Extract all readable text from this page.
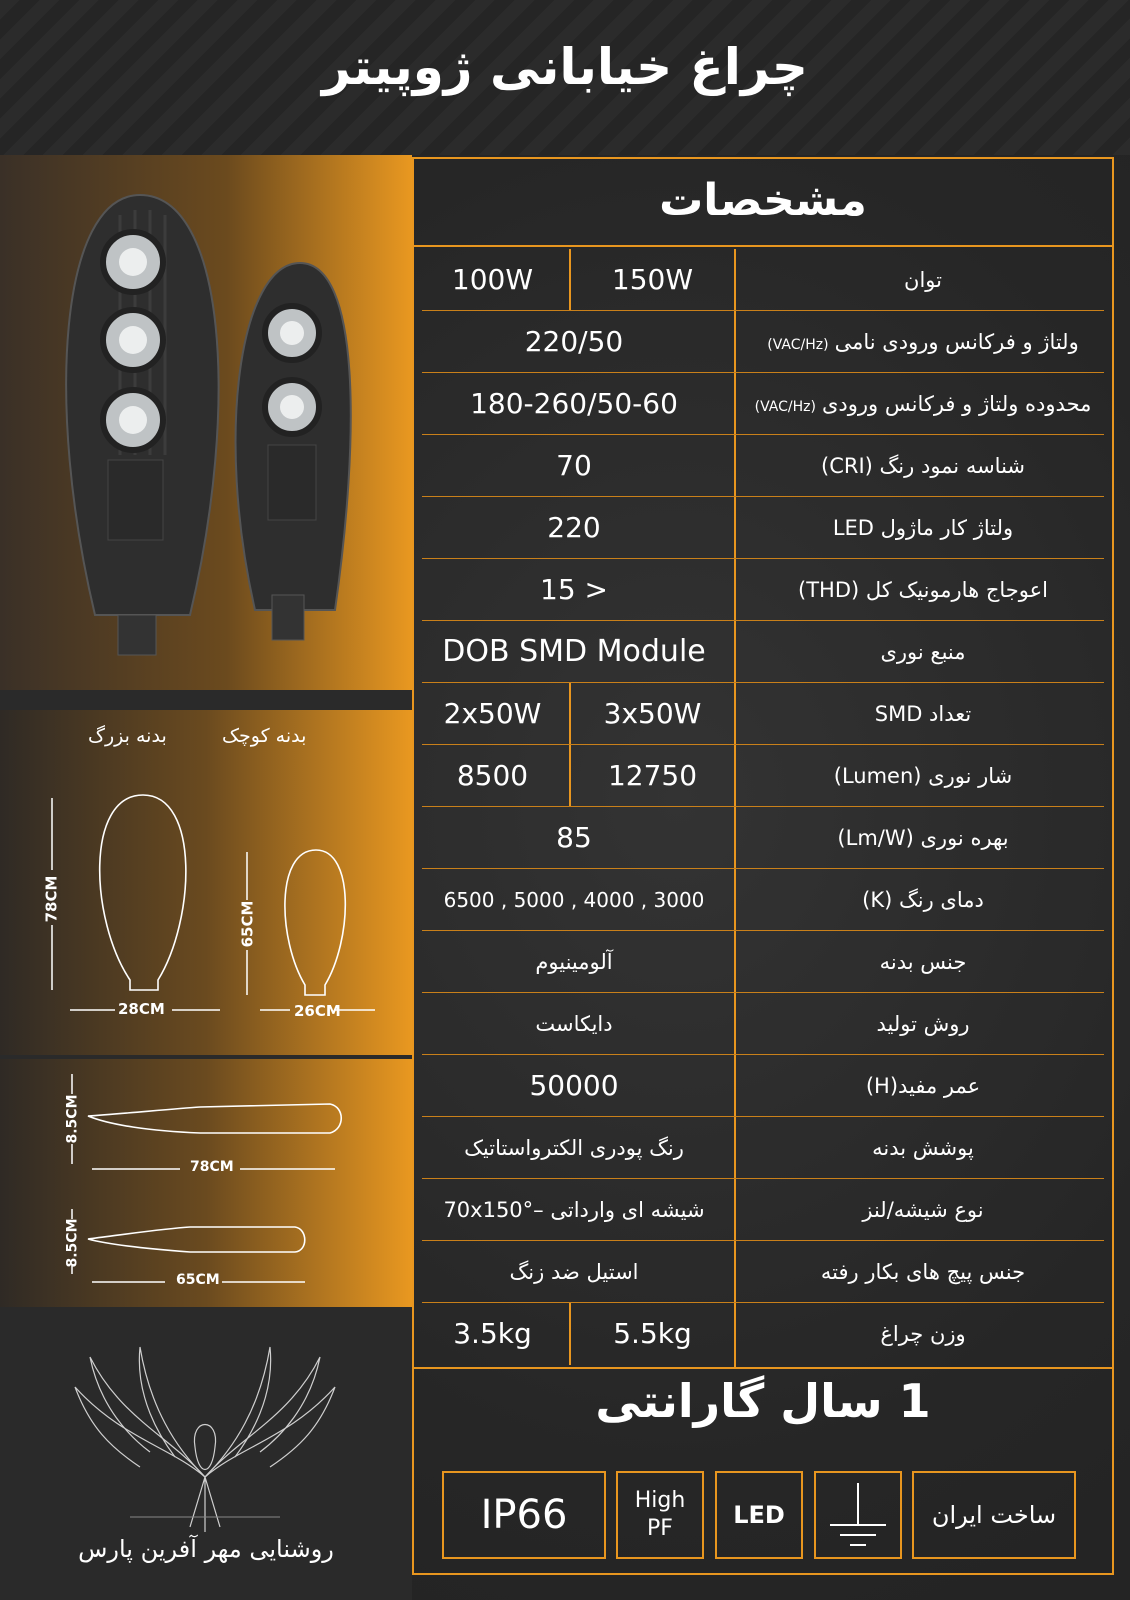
چراغ خیابانی ژوپیتر
بدنه بزرگ	بدنه کوچک
78CM
28CM
65CM
26CM
8.5CM
78CM
8.5CM
65CM
روشنایی مهر آفرین پارس
مشخصات
توان
100W	150W
ولتاژ و فرکانس ورودی نامی(VAC/Hz)
220/50
محدوده ولتاژ و فرکانس ورودی(VAC/Hz)
180-260/50-60
شناسه نمود رنگ (CRI)
70
ولتاژ کار ماژول LED
220
اعوجاج هارمونیک کل (THD)
15 >
منبع نوری
DOB SMD Module
تعداد SMD
2x50W	3x50W
شار نوری (Lumen)
8500	12750
بهره نوری (Lm/W)
85
دمای رنگ (K)
6500 , 5000 , 4000 , 3000
جنس بدنه
آلومینیوم
روش تولید
دایکاست
عمر مفید(H)
50000
پوشش بدنه
رنگ پودری الکترواستاتیک
نوع شیشه/لنز
شیشه ای وارداتی –°70x150
جنس پیچ های بکار رفته
استیل ضد زنگ
وزن چراغ
3.5kg	5.5kg
1 سال گارانتی
IP66	High
PF	LED	ساخت ایران
